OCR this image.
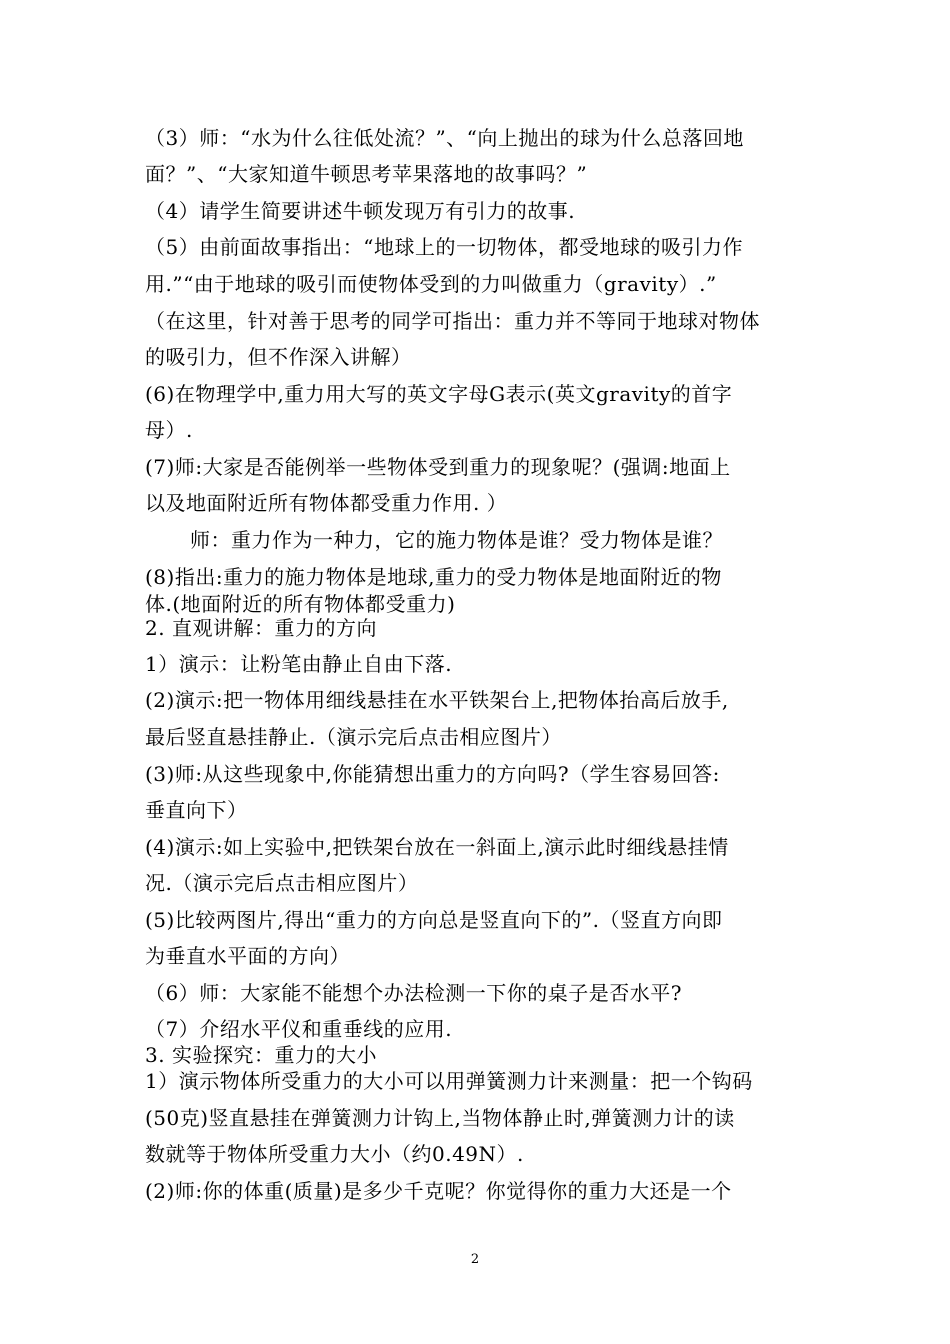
（3）师：“水为什么往低处流？”、“向上抛出的球为什么总落回地
面？”、“大家知道牛顿思考苹果落地的故事吗？”
（4）请学生简要讲述牛顿发现万有引力的故事.
（5）由前面故事指出：“地球上的一切物体，都受地球的吸引力作
用.”“由于地球的吸引而使物体受到的力叫做重力（gravity）.”
（在这里，针对善于思考的同学可指出：重力并不等同于地球对物体
的吸引力，但不作深入讲解）
(6)在物理学中,重力用大写的英文字母G表示(英文gravity的首字
母）.
(7)师:大家是否能例举一些物体受到重力的现象呢？(强调:地面上
以及地面附近所有物体都受重力作用. ）
师：重力作为一种力，它的施力物体是谁？受力物体是谁？
(8)指出:重力的施力物体是地球,重力的受力物体是地面附近的物
体.(地面附近的所有物体都受重力)
2. 直观讲解：重力的方向
1）演示：让粉笔由静止自由下落.
(2)演示:把一物体用细线悬挂在水平铁架台上,把物体抬高后放手,
最后竖直悬挂静止.（演示完后点击相应图片）
(3)师:从这些现象中,你能猜想出重力的方向吗?（学生容易回答:
垂直向下）
(4)演示:如上实验中,把铁架台放在一斜面上,演示此时细线悬挂情
况.（演示完后点击相应图片）
(5)比较两图片,得出“重力的方向总是竖直向下的”.（竖直方向即
为垂直水平面的方向）
（6）师：大家能不能想个办法检测一下你的桌子是否水平?
（7）介绍水平仪和重垂线的应用.
3. 实验探究：重力的大小
1）演示物体所受重力的大小可以用弹簧测力计来测量：把一个钩码
(50克)竖直悬挂在弹簧测力计钩上,当物体静止时,弹簧测力计的读
数就等于物体所受重力大小（约0.49N）.
(2)师:你的体重(质量)是多少千克呢？你觉得你的重力大还是一个
2
